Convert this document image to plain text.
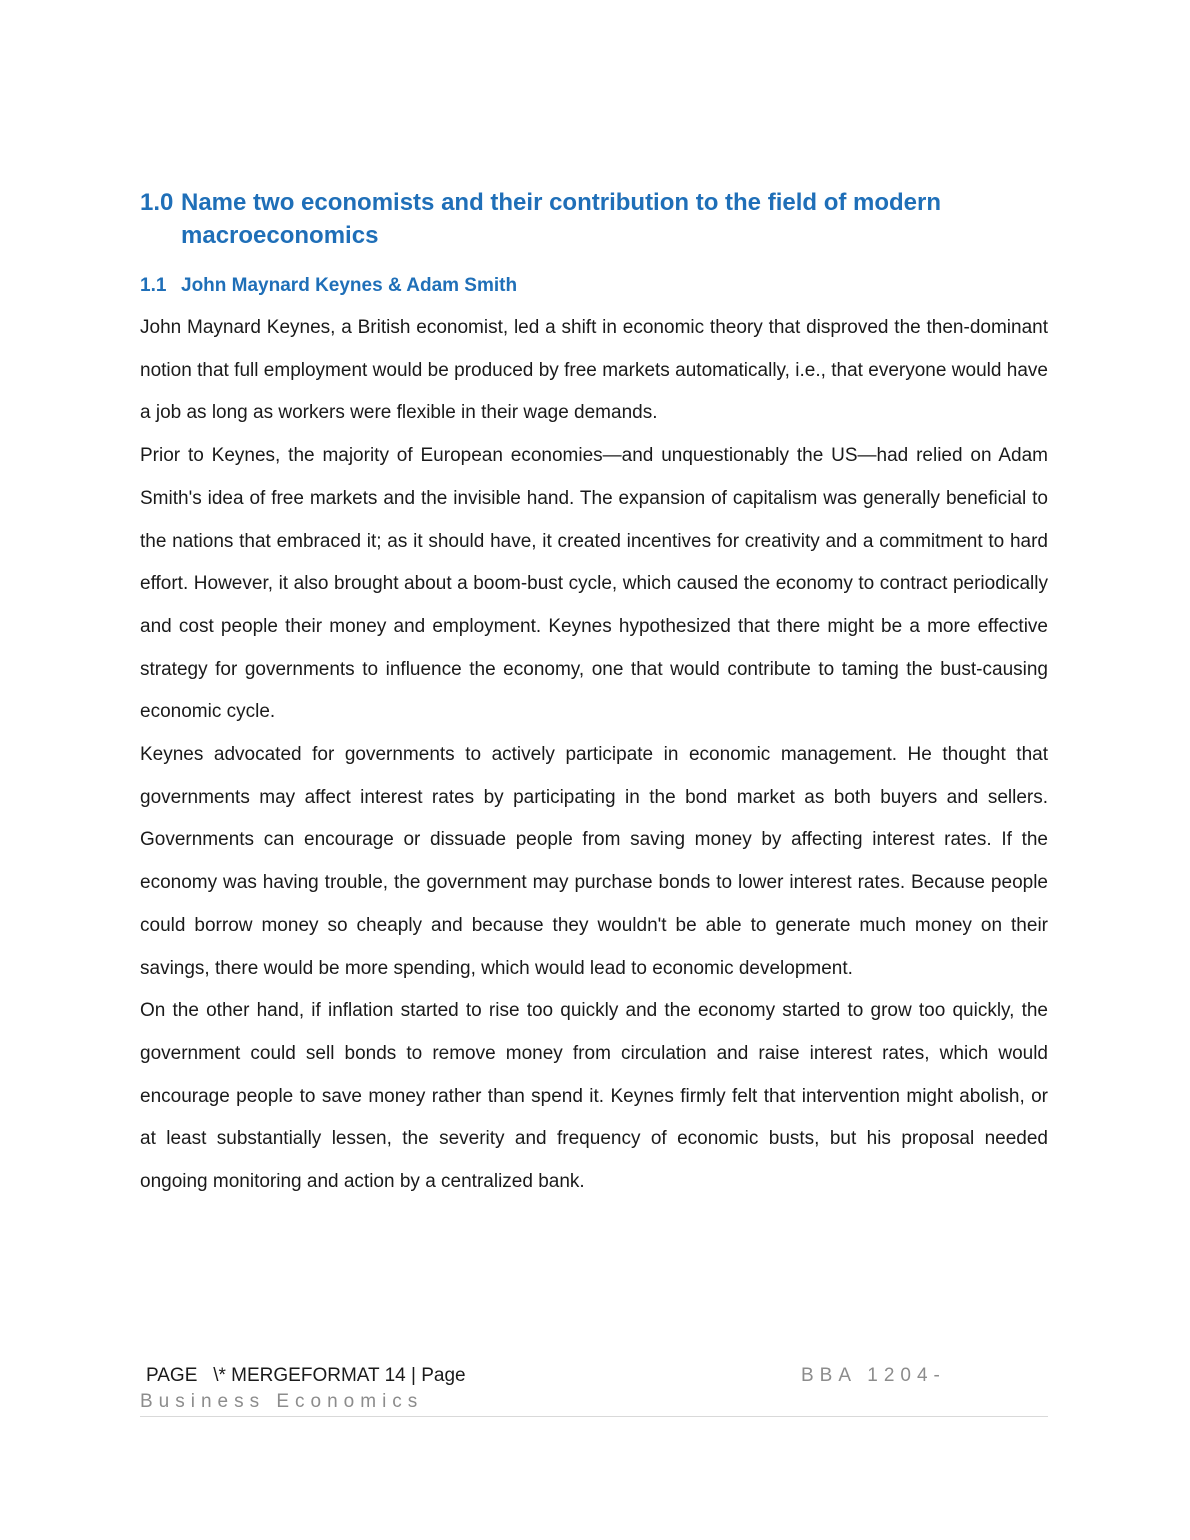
1.0 Name two economists and their contribution to the field of modern macroeconomics
1.1 John Maynard Keynes & Adam Smith

John Maynard Keynes, a British economist, led a shift in economic theory that disproved the then-dominant notion that full employment would be produced by free markets automatically, i.e., that everyone would have a job as long as workers were flexible in their wage demands.

Prior to Keynes, the majority of European economies—and unquestionably the US—had relied on Adam Smith's idea of free markets and the invisible hand. The expansion of capitalism was generally beneficial to the nations that embraced it; as it should have, it created incentives for creativity and a commitment to hard effort. However, it also brought about a boom-bust cycle, which caused the economy to contract periodically and cost people their money and employment. Keynes hypothesized that there might be a more effective strategy for governments to influence the economy, one that would contribute to taming the bust-causing economic cycle.

Keynes advocated for governments to actively participate in economic management. He thought that governments may affect interest rates by participating in the bond market as both buyers and sellers. Governments can encourage or dissuade people from saving money by affecting interest rates. If the economy was having trouble, the government may purchase bonds to lower interest rates. Because people could borrow money so cheaply and because they wouldn't be able to generate much money on their savings, there would be more spending, which would lead to economic development.

On the other hand, if inflation started to rise too quickly and the economy started to grow too quickly, the government could sell bonds to remove money from circulation and raise interest rates, which would encourage people to save money rather than spend it. Keynes firmly felt that intervention might abolish, or at least substantially lessen, the severity and frequency of economic busts, but his proposal needed ongoing monitoring and action by a centralized bank.

PAGE   \* MERGEFORMAT 14 | Page	BBA 1204-
Business Economics
